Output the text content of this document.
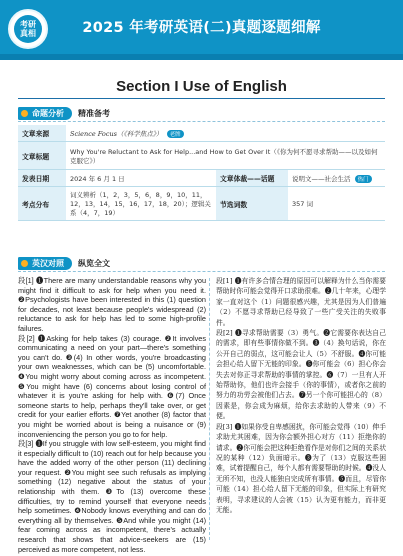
考研
真相	2025 年考研英语(二)真题逐题细解
Section I Use of English
命题分析	精准备考
文章来源	Science Focus（《科学焦点》） 老牌		
文章标题	Why You're Reluctant to Ask for Help...and How to Get Over It（《你为何不愿寻求帮助——以及如何克服它》）		
发表日期	2024 年 6 月 1 日	文章体裁——话题	说明文——社会生活 热门
考点分布	词义辨析（1，2，3，5，6，8，9，10，11，12，13，14，15，16，17，18，20）；逻辑关系（4，7，19）	节选词数	357 词
英汉对照	纵览全文

段[1] ❶There are many understandable reasons why you might find it difficult to ask for help when you need it. ❷Psychologists have been interested in this (1) question for decades, not least because people's widespread (2) reluctance to ask for help has led to some high-profile failures.

段[2] ❶Asking for help takes (3) courage. ❷It involves communicating a need on your part—there's something you can't do. ❸(4) In other words, you're broadcasting your own weaknesses, which can be (5) uncomfortable. ❹You might worry about coming across as incompetent. ❺You might have (6) concerns about losing control of whatever it is you're asking for help with. ❻(7) Once someone starts to help, perhaps they'll take over, or get credit for your earlier efforts. ❼Yet another (8) factor that you might be worried about is being a nuisance or (9) inconveniencing the person you go to for help.

段[3] ❶If you struggle with low self-esteem, you might find it especially difficult to (10) reach out for help because you have the added worry of the other person (11) declining your request. ❷You might see such refusals as implying something (12) negative about the status of your relationship with them. ❸To (13) overcome these difficulties, try to remind yourself that everyone needs help sometimes. ❹Nobody knows everything and can do everything all by themselves. ❺And while you might (14) fear coming across as incompetent, there's actually research that shows that advice-seekers are (15) perceived as more competent, not less.

段[1] ❶有许多合情合理的原因可以解释为什么当你需要帮助时你可能会觉得开口求助很难。❷几十年来，心理学家一直对这个（1）问题很感兴趣，尤其是因为人们普遍（2）不愿寻求帮助已经导致了一些广受关注的失败事件。

段[2] ❶寻求帮助需要（3）勇气。❷它需要你表达自己的需求，即有些事情你做不到。❸（4）换句话说，你在公开自己的弱点，这可能会让人（5）不舒服。❹你可能会担心给人留下无能的印象。❺你可能会（6）担心你会失去对你正寻求帮助的事情的掌控。❻（7）一旦有人开始帮助你，他们也许会接手（你的事情），或者你之前的努力的功劳会被他们占去。❼另一个你可能担心的（8）因素是，你会成为麻烦，给你去求助的人带来（9）不便。

段[3] ❶如果你受自卑感困扰，你可能会觉得（10）伸手求助尤其困难，因为你会额外担心对方（11）拒绝你的请求。❷你可能会把这种拒绝看作是对你们之间的关系状况的某种（12）负面暗示。❸为了（13）克服这些困难，试着提醒自己，每个人都有需要帮助的时候。❹没人无所不知，也没人能独自完成所有事情。❺而且，尽管你可能（14）担心给人留下无能的印象，但实际上有研究表明，寻求建议的人会被（15）认为更有能力，而非更无能。
